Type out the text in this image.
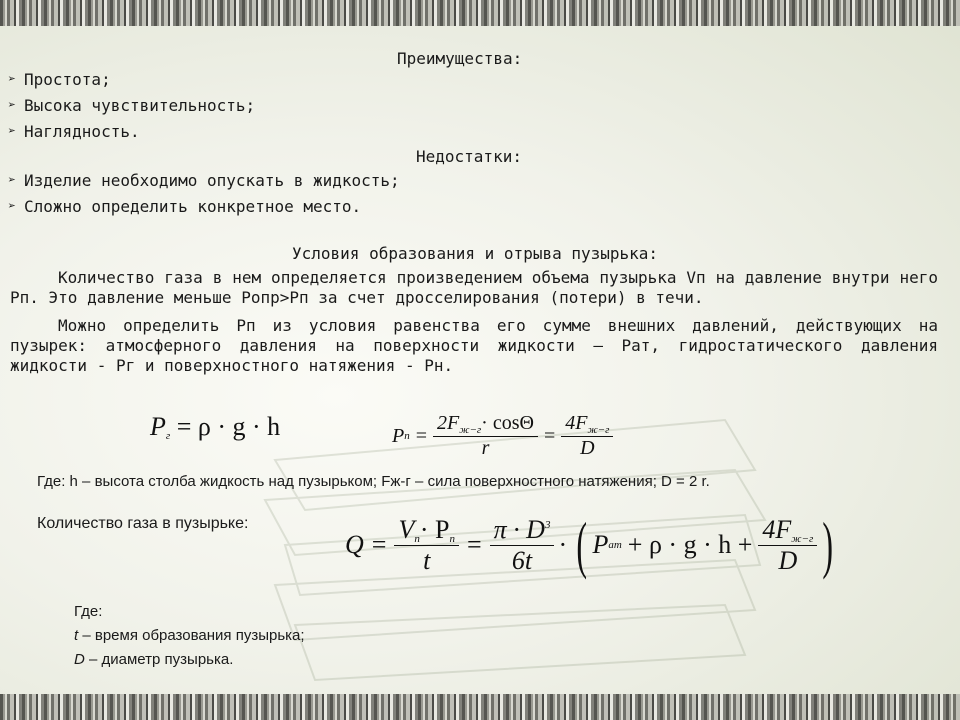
Преимущества:
➢ Простота;
➢ Высока чувствительность;
➢ Наглядность.
Недостатки:
➢ Изделие необходимо опускать в жидкость;
➢ Сложно определить конкретное место.
Условия образования и отрыва пузырька:
Количество газа в нем определяется произведением объема пузырька Vп на давление внутри него Рп. Это давление меньше Ропр>Рп за счет дросселирования (потери) в течи.
Можно определить Рп из условия равенства его сумме внешних давлений, действующих на пузырек: атмосферного давления на поверхности жидкости – Рат, гидростатического давления жидкости - Рг и поверхностного натяжения - Рн.
$P_г = \rho \cdot g \cdot h$	P $n = \frac{2F_{ж-г}\cdot \cos\Theta}{r} = \frac{4F_{ж-г}}{D}$
Где: h – высота столба жидкость над пузырьком; Fж-г – сила поверхностного натяжения; D = 2 r.
Количество газа в пузырьке:
$Q = \frac{V_n\cdot P_n}{t} = \frac{\pi \cdot D^3}{6t}$ · ( P ат + $\rho \cdot g \cdot h + \frac{4F_{ж-г}}{D}$ )
Где:
t – время образования пузырька;
D – диаметр пузырька.
